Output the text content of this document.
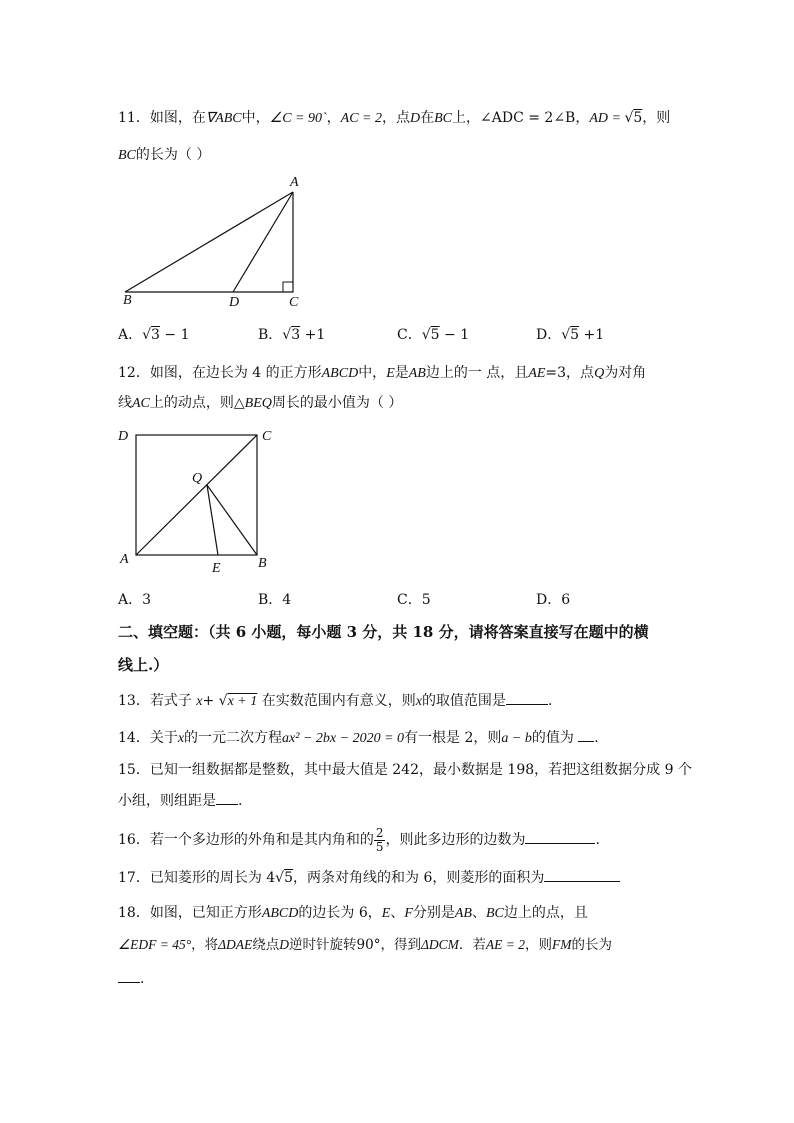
11．如图，在∇ABC中，∠C = 90`，AC = 2，点D在BC上，∠ADC = 2∠B，AD = √5，则
BC的长为（ ）
A
B	D	C
A．√3 − 1	B．√3 +1	C．√5 − 1	D．√5 +1
12．如图，在边长为 4 的正方形ABCD中，E是AB边上的一 点，且AE=3，点Q为对角
线AC上的动点，则△BEQ周长的最小值为（ ）
D	C
Q
A
E	B
A．3	B．4	C．5	D．6
二、填空题：（共 6 小题，每小题 3 分，共 18 分，请将答案直接写在题中的横
线上.）
13．若式子 x+ √x + 1 在实数范围内有意义，则x的取值范围是	.
14．关于x的一元二次方程ax² − 2bx − 2020 = 0有一根是 2，则a − b的值为 .
15．已知一组数据都是整数，其中最大值是 242，最小数据是 198，若把这组数据分成 9 个
小组，则组距是 .
16．若一个多边形的外角和是其内角和的 $\frac{2}{5}$ ，则此多边形的边数为	.
17．已知菱形的周长为 4√5，两条对角线的和为 6，则菱形的面积为
18．如图，已知正方形ABCD的边长为 6，E、F分别是AB、BC边上的点，且
∠EDF = 45°，将ΔDAE绕点D逆时针旋转90°，得到ΔDCM．若AE = 2，则FM的长为
.
